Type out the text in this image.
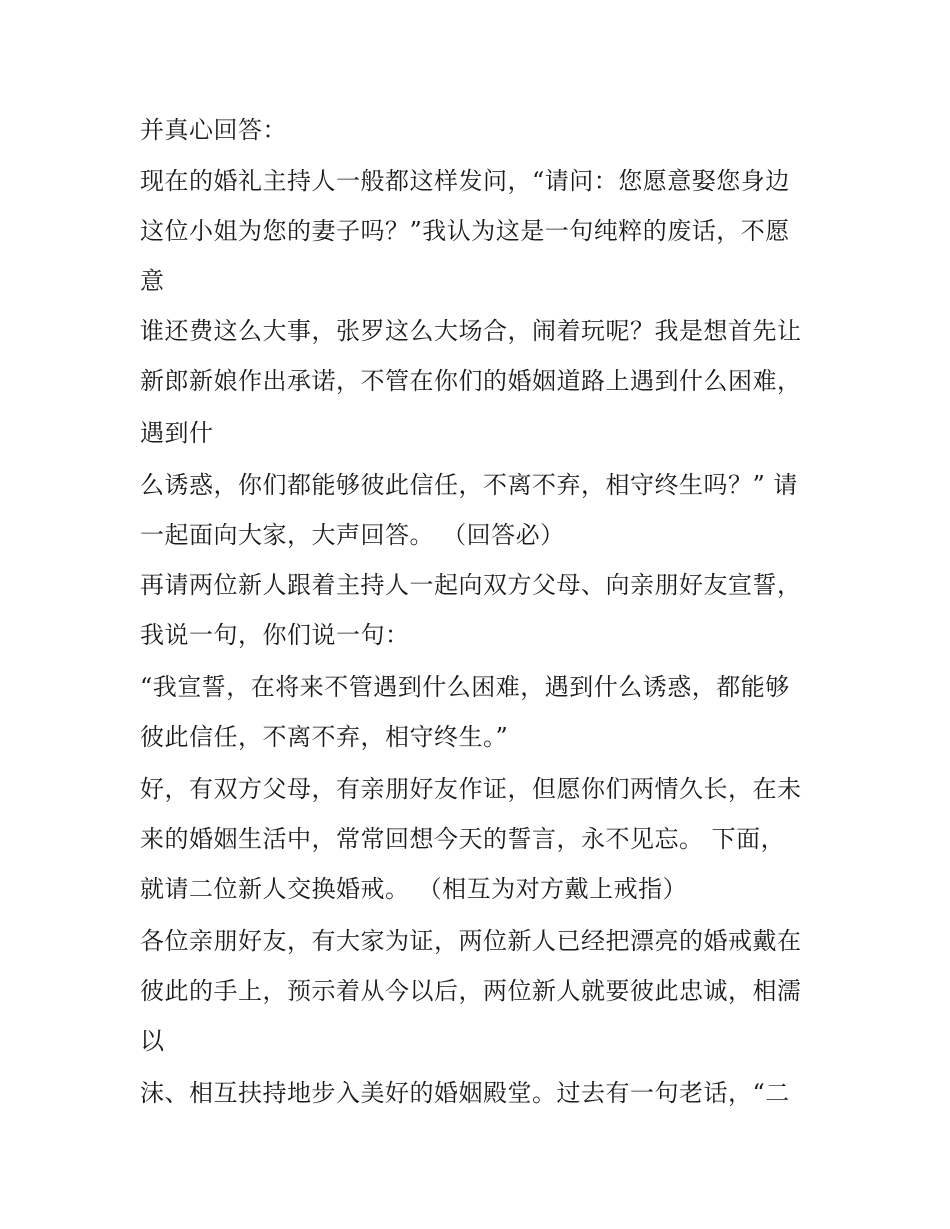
并真心回答：
现在的婚礼主持人一般都这样发问，“请问：您愿意娶您身边
这位小姐为您的妻子吗？”我认为这是一句纯粹的废话，不愿
意
谁还费这么大事，张罗这么大场合，闹着玩呢？我是想首先让
新郎新娘作出承诺，不管在你们的婚姻道路上遇到什么困难，
遇到什
么诱惑，你们都能够彼此信任，不离不弃，相守终生吗？” 请
一起面向大家，大声回答。 （回答必）
再请两位新人跟着主持人一起向双方父母、向亲朋好友宣誓，
我说一句，你们说一句：
“我宣誓，在将来不管遇到什么困难，遇到什么诱惑，都能够
彼此信任，不离不弃，相守终生。”
好，有双方父母，有亲朋好友作证，但愿你们两情久长，在未
来的婚姻生活中，常常回想今天的誓言，永不见忘。 下面，
就请二位新人交换婚戒。 （相互为对方戴上戒指）
各位亲朋好友，有大家为证，两位新人已经把漂亮的婚戒戴在
彼此的手上，预示着从今以后，两位新人就要彼此忠诚，相濡
以
沫、相互扶持地步入美好的婚姻殿堂。过去有一句老话，“二
